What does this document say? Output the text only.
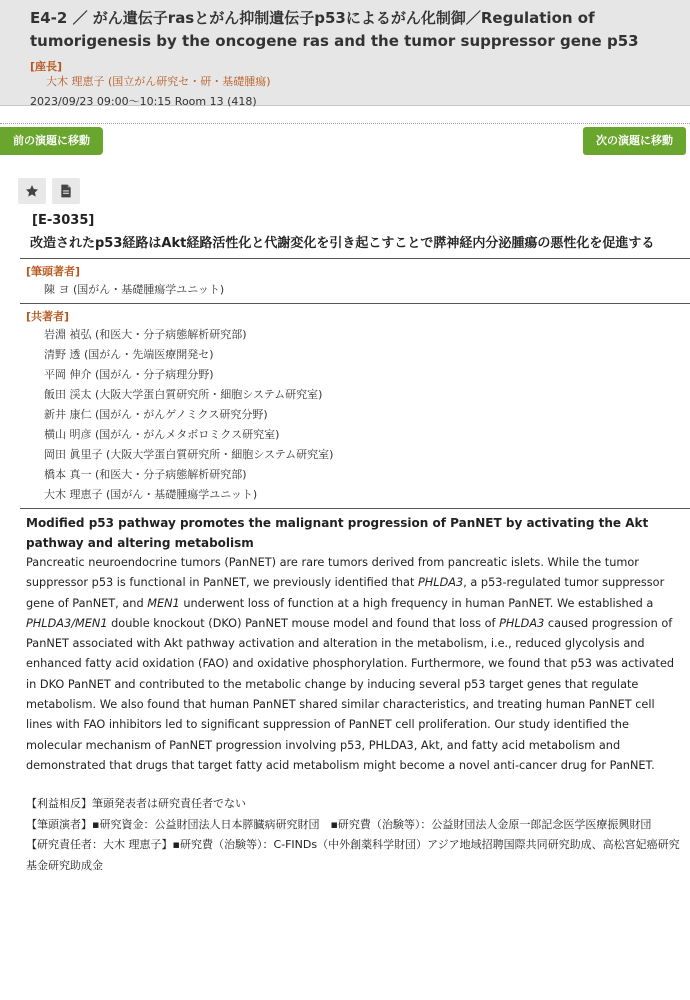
E4-2 ／ がん遺伝子rasとがん抑制遺伝子p53によるがん化制御／Regulation of tumorigenesis by the oncogene ras and the tumor suppressor gene p53
[座長]
大木 理恵子 (国立がん研究セ・研・基礎腫瘍)
2023/09/23 09:00〜10:15 Room 13 (418)
前の演題に移動	次の演題に移動
[E-3035]
改造されたp53経路はAkt経路活性化と代謝変化を引き起こすことで膵神経内分泌腫瘍の悪性化を促進する
[筆頭著者]
陳 ヨ (国がん・基礎腫瘍学ユニット)
[共著者]
岩淵 禎弘 (和医大・分子病態解析研究部)
清野 透 (国がん・先端医療開発セ)
平岡 伸介 (国がん・分子病理分野)
飯田 渓太 (大阪大学蛋白質研究所・細胞システム研究室)
新井 康仁 (国がん・がんゲノミクス研究分野)
横山 明彦 (国がん・がんメタボロミクス研究室)
岡田 眞里子 (大阪大学蛋白質研究所・細胞システム研究室)
橋本 真一 (和医大・分子病態解析研究部)
大木 理恵子 (国がん・基礎腫瘍学ユニット)
Modified p53 pathway promotes the malignant progression of PanNET by activating the Akt pathway and altering metabolism
Pancreatic neuroendocrine tumors (PanNET) are rare tumors derived from pancreatic islets. While the tumor suppressor p53 is functional in PanNET, we previously identified that PHLDA3, a p53-regulated tumor suppressor gene of PanNET, and MEN1 underwent loss of function at a high frequency in human PanNET. We established a PHLDA3/MEN1 double knockout (DKO) PanNET mouse model and found that loss of PHLDA3 caused progression of PanNET associated with Akt pathway activation and alteration in the metabolism, i.e., reduced glycolysis and enhanced fatty acid oxidation (FAO) and oxidative phosphorylation. Furthermore, we found that p53 was activated in DKO PanNET and contributed to the metabolic change by inducing several p53 target genes that regulate metabolism. We also found that human PanNET shared similar characteristics, and treating human PanNET cell lines with FAO inhibitors led to significant suppression of PanNET cell proliferation. Our study identified the molecular mechanism of PanNET progression involving p53, PHLDA3, Akt, and fatty acid metabolism and demonstrated that drugs that target fatty acid metabolism might become a novel anti-cancer drug for PanNET.
【利益相反】筆頭発表者は研究責任者でない
【筆頭演者】▪研究資金：公益財団法人日本膵臓病研究財団　▪研究費（治験等）：公益財団法人金原一郎記念医学医療振興財団
【研究責任者：大木 理恵子】▪研究費（治験等）：C-FINDs（中外創薬科学財団）アジア地域招聘国際共同研究助成、高松宮妃癌研究基金研究助成金
